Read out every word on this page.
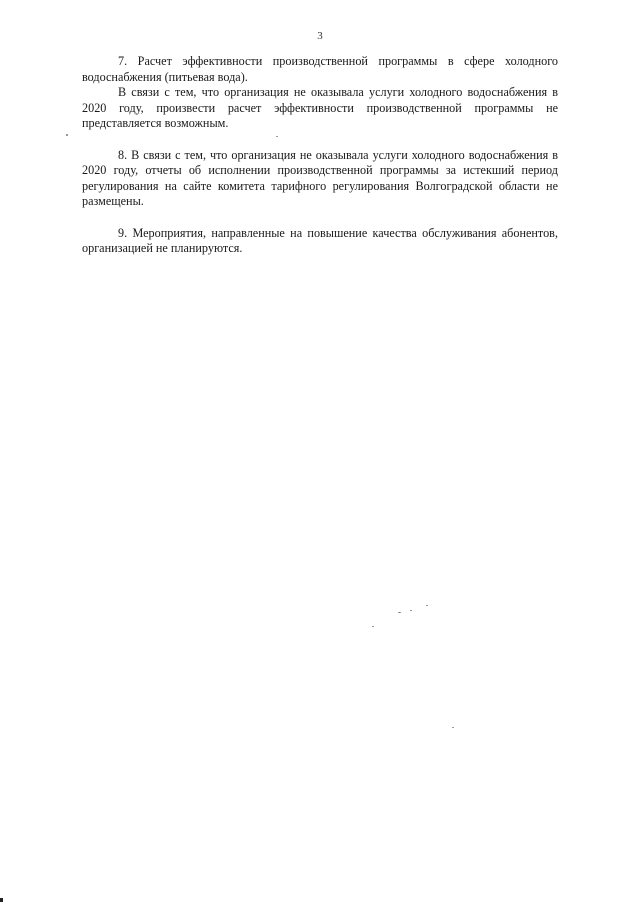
3

7. Расчет эффективности производственной программы в сфере холодного водоснабжения (питьевая вода).

В связи с тем, что организация не оказывала услуги холодного водоснабжения в 2020 году, произвести расчет эффективности производственной программы не представляется возможным.

8. В связи с тем, что организация не оказывала услуги холодного водоснабжения в 2020 году, отчеты об исполнении производственной программы за истекший период регулирования на сайте комитета тарифного регулирования Волгоградской области не размещены.

9. Мероприятия, направленные на повышение качества обслуживания абонентов, организацией не планируются.
